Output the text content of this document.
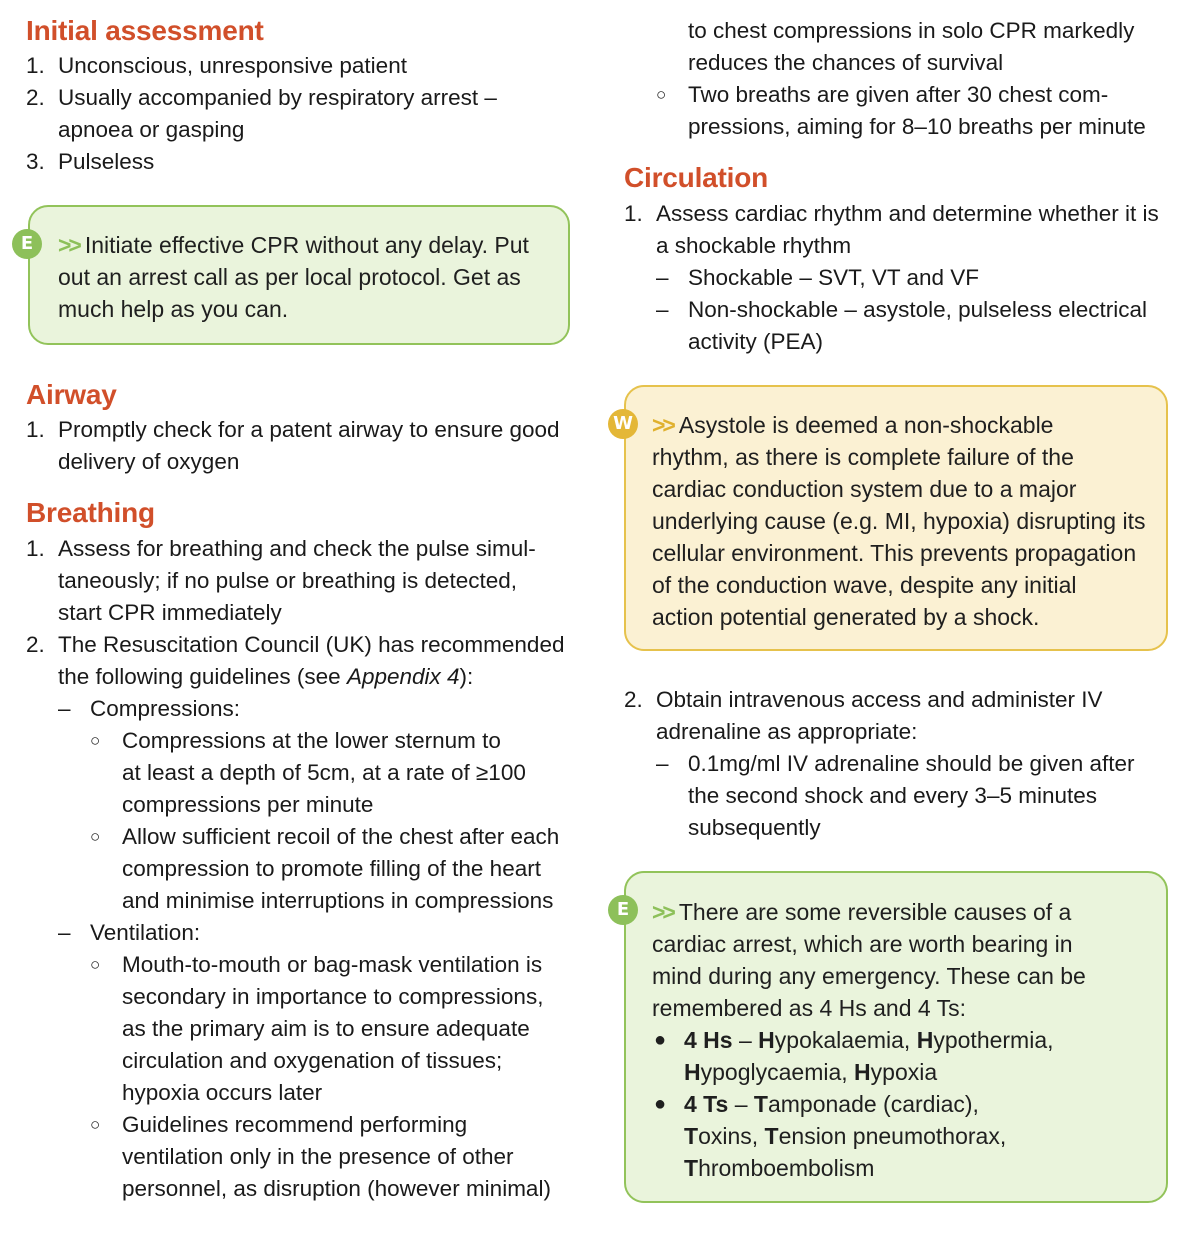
Initial assessment

1. Unconscious, unresponsive patient

2. Usually accompanied by respiratory arrest –

apnoea or gasping

3. Pulseless

>> Initiate effective CPR without any delay. Put

out an arrest call as per local protocol. Get as

much help as you can.

E
Airway

1. Promptly check for a patent airway to ensure good

delivery of oxygen

Breathing

1. Assess for breathing and check the pulse simul-

taneously; if no pulse or breathing is detected,

start CPR immediately

2. The Resuscitation Council (UK) has recommended

the following guidelines (see Appendix 4):

– Compressions:

○ Compressions at the lower sternum to

at least a depth of 5cm, at a rate of ≥100

compressions per minute

○ Allow sufficient recoil of the chest after each

compression to promote filling of the heart

and minimise interruptions in compressions

– Ventilation:

○ Mouth-to-mouth or bag-mask ventilation is

secondary in importance to compressions,

as the primary aim is to ensure adequate

circulation and oxygenation of tissues;

hypoxia occurs later

○ Guidelines recommend performing

ventilation only in the presence of other

personnel, as disruption (however minimal)

to chest compressions in solo CPR markedly

reduces the chances of survival

○ Two breaths are given after 30 chest com-

pressions, aiming for 8–10 breaths per minute

Circulation

1. Assess cardiac rhythm and determine whether it is

a shockable rhythm

– Shockable – SVT, VT and VF

– Non-shockable – asystole, pulseless electrical

activity (PEA)

>> Asystole is deemed a non-shockable

rhythm, as there is complete failure of the

cardiac conduction system due to a major

underlying cause (e.g. MI, hypoxia) disrupting its

cellular environment. This prevents propagation

of the conduction wave, despite any initial

action potential generated by a shock.

W

2. Obtain intravenous access and administer IV

adrenaline as appropriate:

– 0.1mg/ml IV adrenaline should be given after

the second shock and every 3–5 minutes

subsequently

>> There are some reversible causes of a

cardiac arrest, which are worth bearing in

mind during any emergency. These can be

remembered as 4 Hs and 4 Ts:

● 4 Hs – Hypokalaemia, Hypothermia,

Hypoglycaemia, Hypoxia

● 4 Ts – Tamponade (cardiac),

Toxins, Tension pneumothorax,

Thromboembolism

E
